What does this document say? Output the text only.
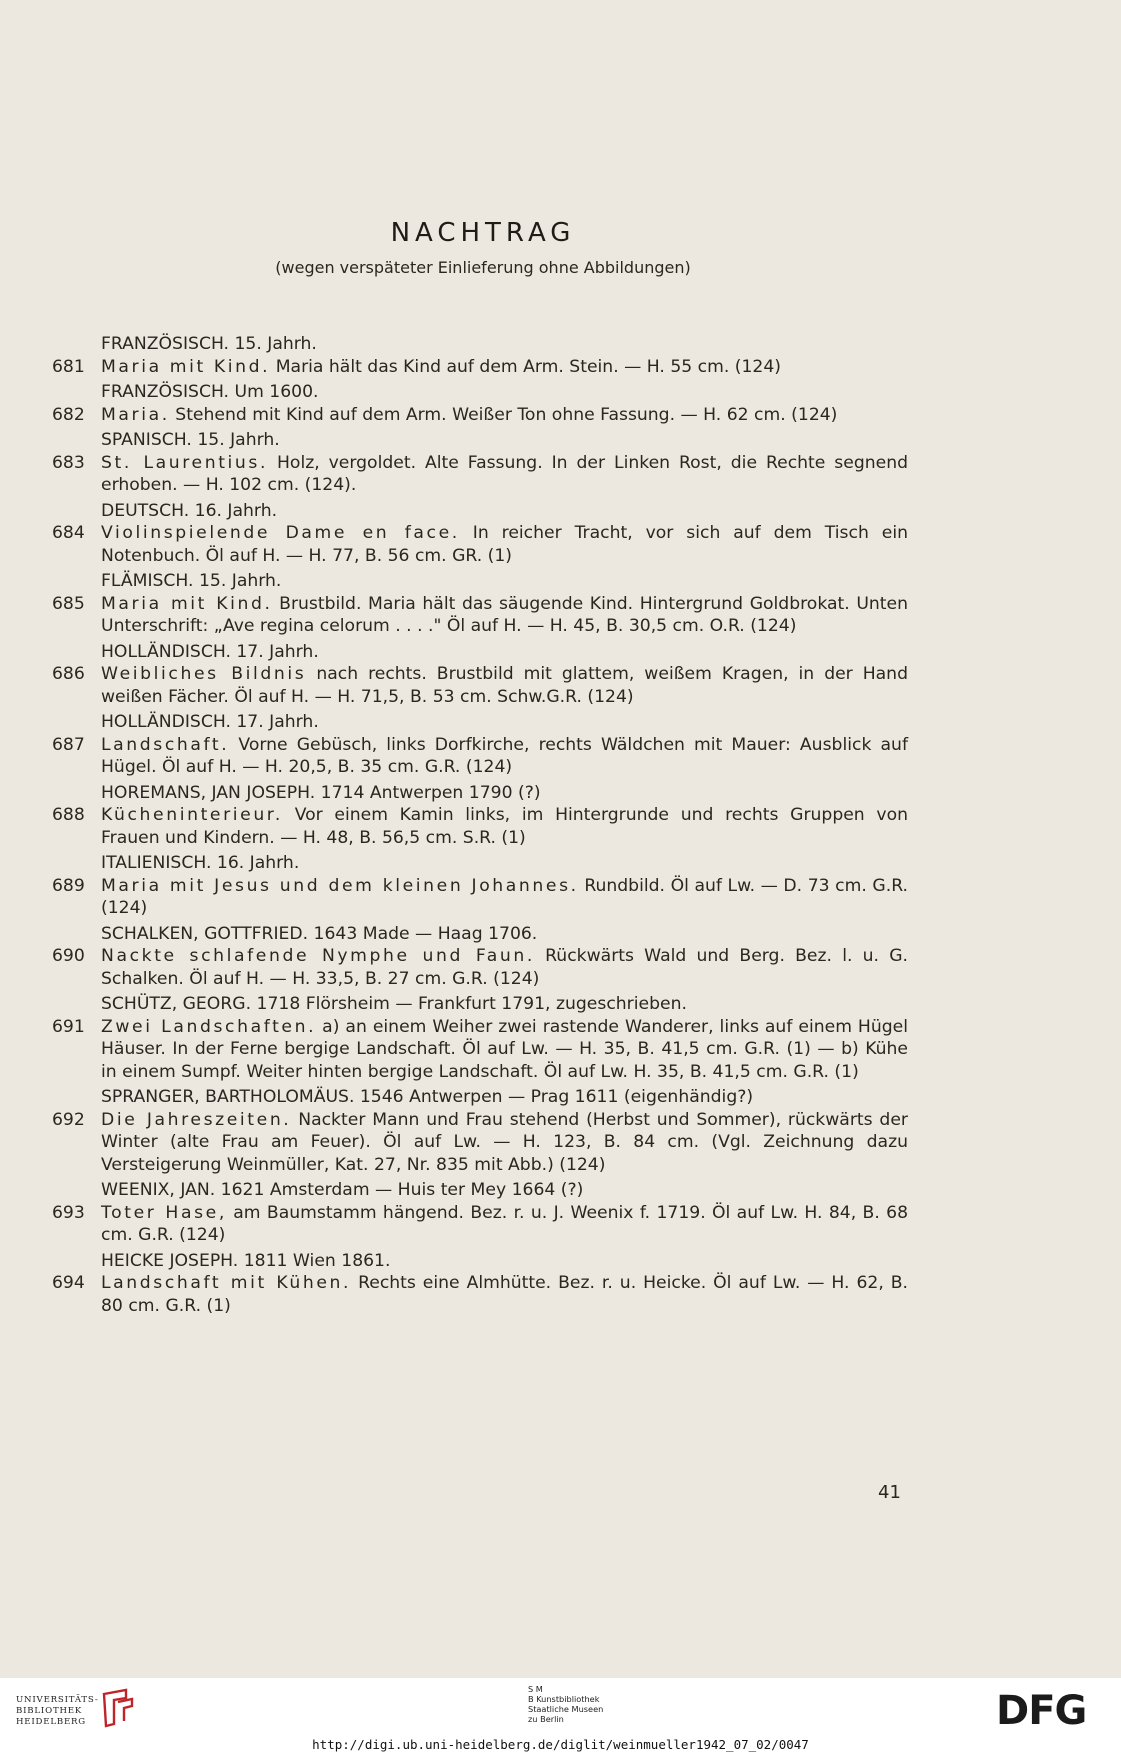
NACHTRAG
(wegen verspäteter Einlieferung ohne Abbildungen)
FRANZÖSISCH. 15. Jahrh.
681 Maria mit Kind. Maria hält das Kind auf dem Arm. Stein. — H. 55 cm. (124)
FRANZÖSISCH. Um 1600.
682 Maria. Stehend mit Kind auf dem Arm. Weißer Ton ohne Fassung. — H. 62 cm. (124)
SPANISCH. 15. Jahrh.
683 St. Laurentius. Holz, vergoldet. Alte Fassung. In der Linken Rost, die Rechte segnend erhoben. — H. 102 cm. (124).
DEUTSCH. 16. Jahrh.
684 Violinspielende Dame en face. In reicher Tracht, vor sich auf dem Tisch ein Notenbuch. Öl auf H. — H. 77, B. 56 cm. GR. (1)
FLÄMISCH. 15. Jahrh.
685 Maria mit Kind. Brustbild. Maria hält das säugende Kind. Hintergrund Goldbrokat. Unten Unterschrift: „Ave regina celorum . . . ." Öl auf H. — H. 45, B. 30,5 cm. O.R. (124)
HOLLÄNDISCH. 17. Jahrh.
686 Weibliches Bildnis nach rechts. Brustbild mit glattem, weißem Kragen, in der Hand weißen Fächer. Öl auf H. — H. 71,5, B. 53 cm. Schw.G.R. (124)
HOLLÄNDISCH. 17. Jahrh.
687 Landschaft. Vorne Gebüsch, links Dorfkirche, rechts Wäldchen mit Mauer: Ausblick auf Hügel. Öl auf H. — H. 20,5, B. 35 cm. G.R. (124)
HOREMANS, JAN JOSEPH. 1714 Antwerpen 1790 (?)
688 Kücheninterieur. Vor einem Kamin links, im Hintergrunde und rechts Gruppen von Frauen und Kindern. — H. 48, B. 56,5 cm. S.R. (1)
ITALIENISCH. 16. Jahrh.
689 Maria mit Jesus und dem kleinen Johannes. Rundbild. Öl auf Lw. — D. 73 cm. G.R. (124)
SCHALKEN, GOTTFRIED. 1643 Made — Haag 1706.
690 Nackte schlafende Nymphe und Faun. Rückwärts Wald und Berg. Bez. l. u. G. Schalken. Öl auf H. — H. 33,5, B. 27 cm. G.R. (124)
SCHÜTZ, GEORG. 1718 Flörsheim — Frankfurt 1791, zugeschrieben.
691 Zwei Landschaften. a) an einem Weiher zwei rastende Wanderer, links auf einem Hügel Häuser. In der Ferne bergige Landschaft. Öl auf Lw. — H. 35, B. 41,5 cm. G.R. (1) — b) Kühe in einem Sumpf. Weiter hinten bergige Landschaft. Öl auf Lw. H. 35, B. 41,5 cm. G.R. (1)
SPRANGER, BARTHOLOMÄUS. 1546 Antwerpen — Prag 1611 (eigenhändig?)
692 Die Jahreszeiten. Nackter Mann und Frau stehend (Herbst und Sommer), rückwärts der Winter (alte Frau am Feuer). Öl auf Lw. — H. 123, B. 84 cm. (Vgl. Zeichnung dazu Versteigerung Weinmüller, Kat. 27, Nr. 835 mit Abb.) (124)
WEENIX, JAN. 1621 Amsterdam — Huis ter Mey 1664 (?)
693 Toter Hase, am Baumstamm hängend. Bez. r. u. J. Weenix f. 1719. Öl auf Lw. H. 84, B. 68 cm. G.R. (124)
HEICKE JOSEPH. 1811 Wien 1861.
694 Landschaft mit Kühen. Rechts eine Almhütte. Bez. r. u. Heicke. Öl auf Lw. — H. 62, B. 80 cm. G.R. (1)
41
UNIVERSITÄTS-
BIBLIOTHEK
HEIDELBERG
S M
B Kunstbibliothek
Staatliche Museen
zu Berlin	DFG
http://digi.ub.uni-heidelberg.de/diglit/weinmueller1942_07_02/0047
